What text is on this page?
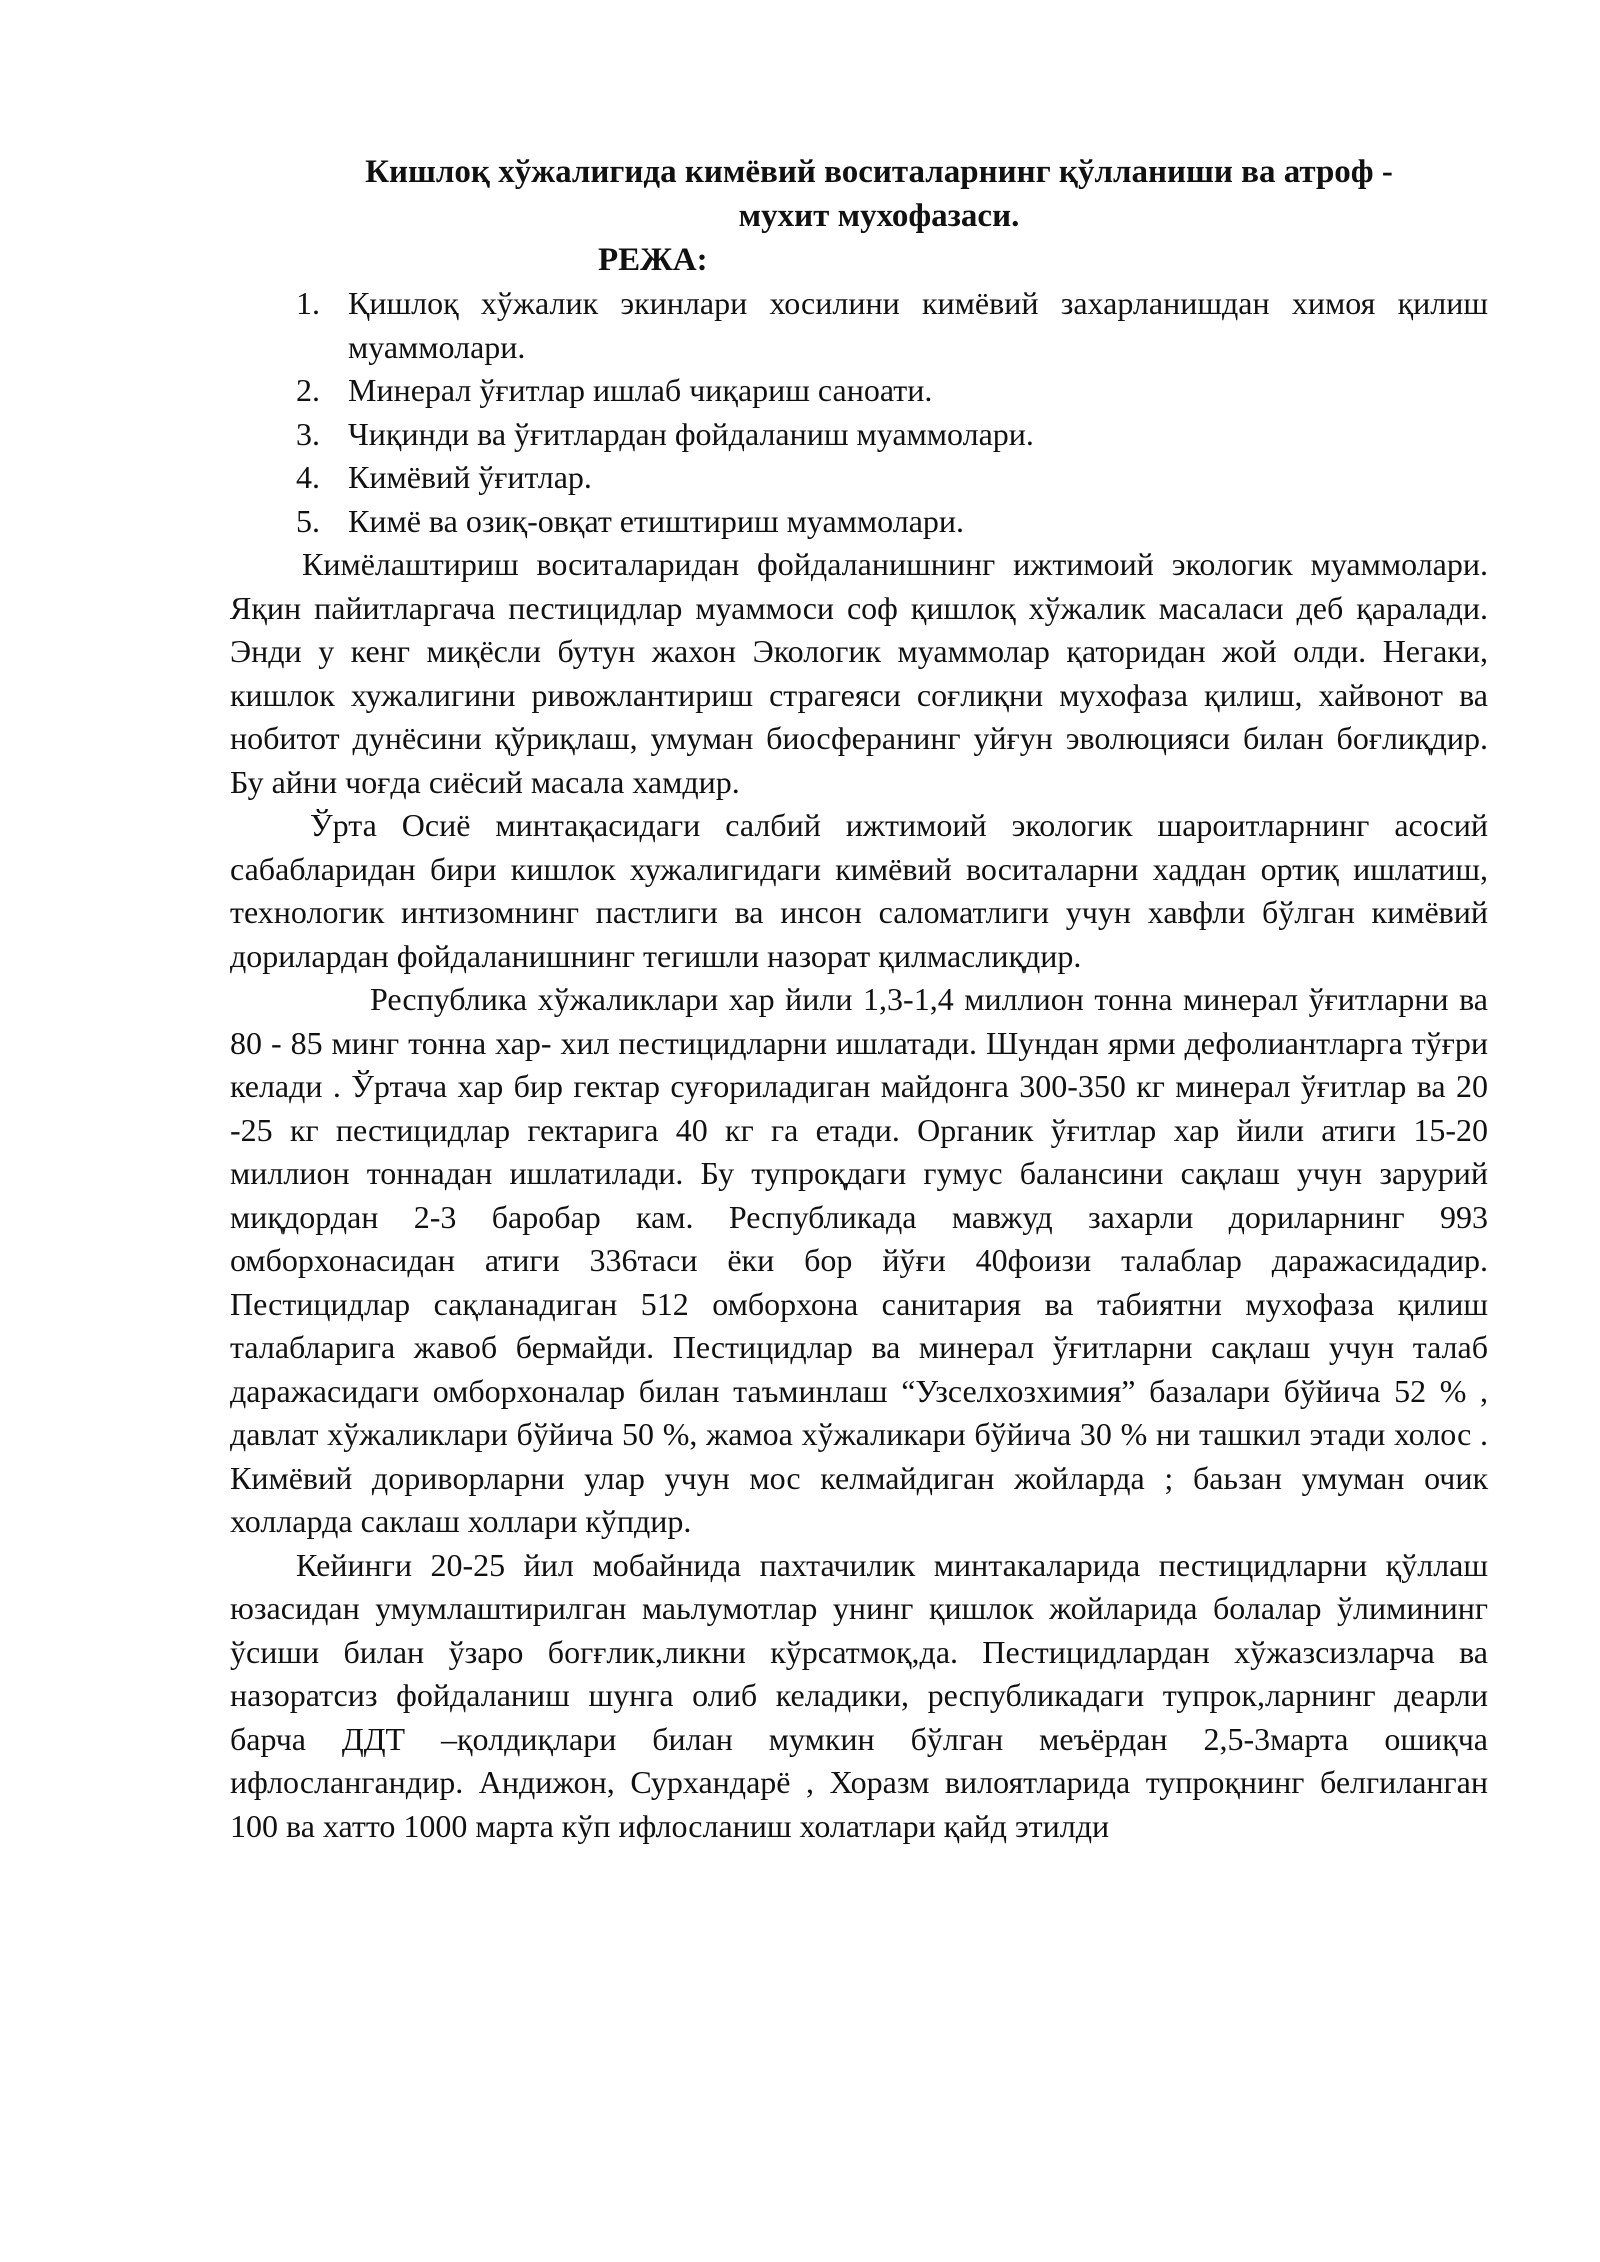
Кишлоқ хўжалигида кимёвий воситаларнинг қўлланиши ва атроф -
мухит мухофазаси.
РЕЖА:
1. Қишлоқ хўжалик экинлари хосилини кимёвий захарланишдан химоя қилиш муаммолари.
2. Минерал ўғитлар ишлаб чиқариш саноати.
3. Чиқинди ва ўғитлардан фойдаланиш муаммолари.
4. Кимёвий ўғитлар.
5. Кимё ва озиқ-овқат етиштириш муаммолари.

Кимёлаштириш воситаларидан фойдаланишнинг ижтимоий экологик муаммолари. Яқин пайитларгача пестицидлар муаммоси соф қишлоқ хўжалик масаласи деб қаралади. Энди у кенг миқёсли бутун жахон Экологик муаммолар қаторидан жой олди. Негаки, кишлок хужалигини ривожлантириш страгеяси соғлиқни мухофаза қилиш, хайвонот ва нобитот дунёсини қўриқлаш, умуман биосферанинг уйғун эволюцияси билан боғлиқдир. Бу айни чоғда сиёсий масала хамдир.

Ўрта Осиё минтақасидаги салбий ижтимоий экологик шароитларнинг асосий сабабларидан бири кишлок хужалигидаги кимёвий воситаларни хаддан ортиқ ишлатиш, технологик интизомнинг пастлиги ва инсон саломатлиги учун хавфли бўлган кимёвий дорилардан фойдаланишнинг тегишли назорат қилмаслиқдир.

Республика хўжаликлари хар йили 1,3-1,4 миллион тонна минерал ўғитларни ва 80 - 85 минг тонна хар- хил пестицидларни ишлатади. Шундан ярми дефолиантларга тўғри келади . Ўртача хар бир гектар суғориладиган майдонга 300-350 кг минерал ўғитлар ва 20 -25 кг пестицидлар гектарига 40 кг га етади. Органик ўғитлар хар йили атиги 15-20 миллион тоннадан ишлатилади. Бу тупроқдаги гумус балансини сақлаш учун зарурий миқдордан 2-3 баробар кам. Республикада мавжуд захарли дориларнинг 993 омборхонасидан атиги 336таси ёки бор йўғи 40фоизи талаблар даражасидадир. Пестицидлар сақланадиган 512 омборхона санитария ва табиятни мухофаза қилиш талабларига жавоб бермайди. Пестицидлар ва минерал ўғитларни сақлаш учун талаб даражасидаги омборхоналар билан таъминлаш “Узселхозхимия” базалари бўйича 52 % , давлат хўжаликлари бўйича 50 %, жамоа хўжаликари бўйича 30 % ни ташкил этади холос . Кимёвий доривoрларни улар учун мос келмайдиган жойларда ; баьзан умуман очик холларда саклаш холлари кўпдир.

Кейинги 20-25 йил мобайнида пахтачилик минтакаларида пестицидларни қўллаш юзасидан умумлаштирилган маьлумотлар унинг қишлок жойларида болалар ўлимининг ўсиши билан ўзаро богғлик,ликни кўрсатмоқ,да. Пестицидлардан хўжазсизларча ва назоратсиз фойдаланиш шунга олиб келадики, республикадаги тупрок,ларнинг деарли барча ДДТ –қолдиқлари билан мумкин бўлган меъёрдан 2,5-3марта ошиқча ифлослангандир. Андижон, Сурхандарё , Хоразм вилоятларида тупроқнинг белгиланган 100 ва хатто 1000 марта кўп ифлосланиш холатлари қайд этилди
